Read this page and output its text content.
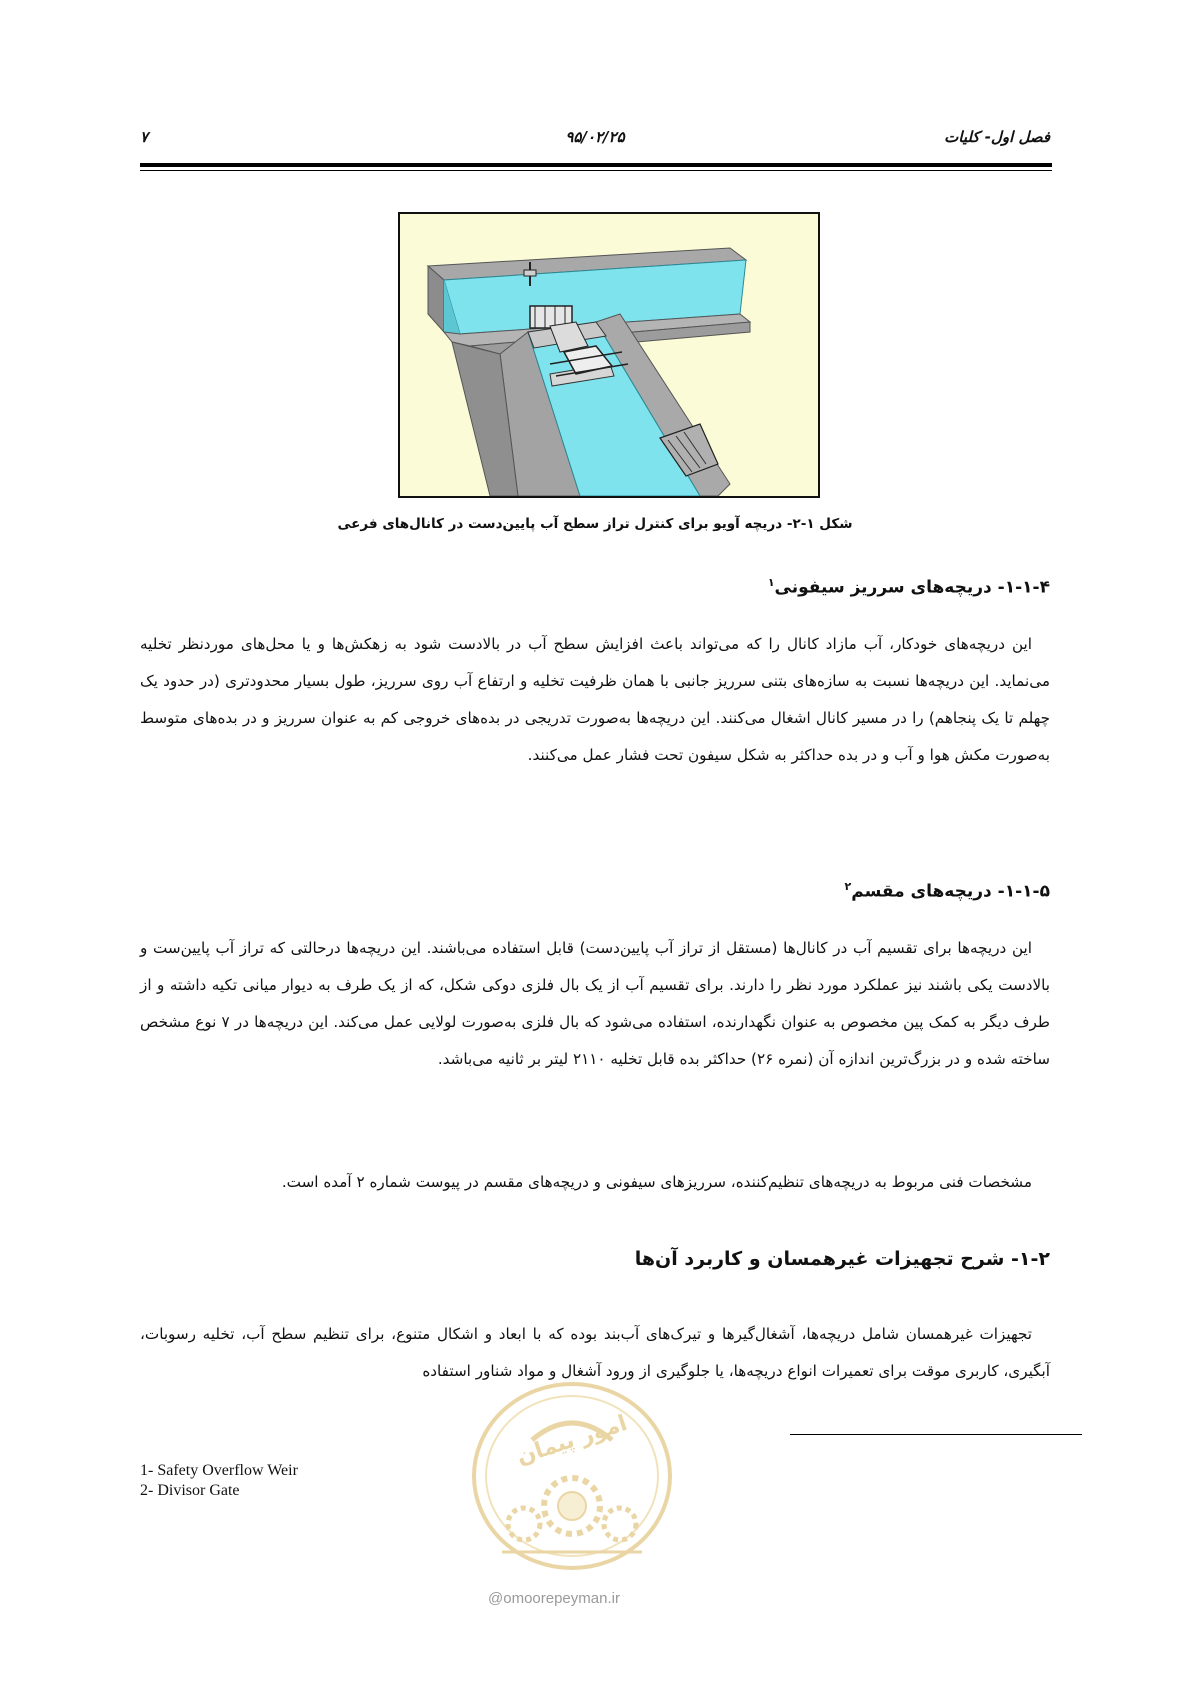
فصل اول- کلیات
۹۵/۰۲/۲۵
۷
شکل ۱-۲- دریچه آویو برای کنترل تراز سطح آب پایین‌دست در کانال‌های فرعی
۱-۱-۴- دریچه‌های سرریز سیفونی$^۱$
این دریچه‌های خودکار، آب مازاد کانال را که می‌تواند باعث افزایش سطح آب در بالادست شود به زهکش‌ها و یا محل‌های موردنظر تخلیه می‌نماید. این دریچه‌ها نسبت به سازه‌های بتنی سرریز جانبی با همان ظرفیت تخلیه و ارتفاع آب روی سرریز، طول بسیار محدودتری (در حدود یک چهلم تا یک پنجاهم) را در مسیر کانال اشغال می‌کنند. این دریچه‌ها به‌صورت تدریجی در بده‌های خروجی کم به عنوان سرریز و در بده‌های متوسط به‌صورت مکش هوا و آب و در بده حداکثر به شکل سیفون تحت فشار عمل می‌کنند.
۱-۱-۵- دریچه‌های مقسم$^۲$
این دریچه‌ها برای تقسیم آب در کانال‌ها (مستقل از تراز آب پایین‌دست) قابل استفاده می‌باشند. این دریچه‌ها درحالتی که تراز آب پایین‌ست و بالادست یکی باشند نیز عملکرد مورد نظر را دارند. برای تقسیم آب از یک بال فلزی دوکی شکل، که از یک طرف به دیوار میانی تکیه داشته و از طرف دیگر به کمک پین مخصوص به عنوان نگهدارنده، استفاده می‌شود که بال فلزی به‌صورت لولایی عمل می‌کند. این دریچه‌ها در ۷ نوع مشخص ساخته شده و در بزرگ‌ترین اندازه آن (نمره ۲۶) حداکثر بده قابل تخلیه ۲۱۱۰ لیتر بر ثانیه می‌باشد.
مشخصات فنی مربوط به دریچه‌های تنظیم‌کننده، سرریزهای سیفونی و دریچه‌های مقسم در پیوست شماره ۲ آمده است.
۱-۲- شرح تجهیزات غیرهمسان و کاربرد آن‌ها
تجهیزات غیرهمسان شامل دریچه‌ها، آشغال‌گیرها و تیرک‌های آب‌بند بوده که با ابعاد و اشکال متنوع، برای تنظیم سطح آب، تخلیه رسوبات، آبگیری، کاربری موقت برای تعمیرات انواع دریچه‌ها، یا جلوگیری از ورود آشغال و مواد شناور استفاده
امور پیمان
1- Safety Overflow Weir
2- Divisor Gate
@omoorepeyman.ir
